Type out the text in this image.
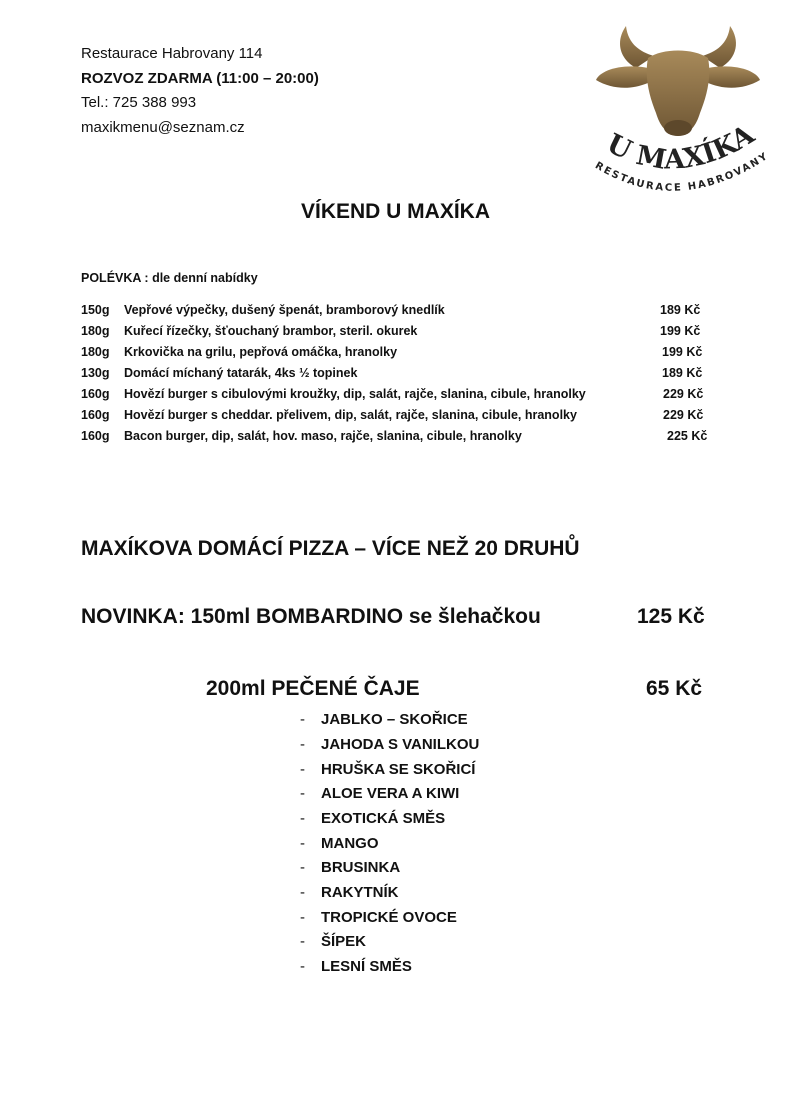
Restaurace Habrovany 114
ROZVOZ ZDARMA (11:00 – 20:00)
Tel.: 725 388 993
maxikmenu@seznam.cz
U MAXÍKA
RESTAURACE HABROVANY
VÍKEND U MAXÍKA
POLÉVKA : dle denní nabídky
150g Vepřové výpečky, dušený špenát, bramborový knedlík	189 Kč
180g Kuřecí řízečky, šťouchaný brambor, steril. okurek	199 Kč
180g Krkovička na grilu, pepřová omáčka, hranolky	199 Kč
130g Domácí míchaný tatarák, 4ks ½ topinek	189 Kč
160g Hovězí burger s cibulovými kroužky, dip, salát, rajče, slanina, cibule, hranolky	229 Kč
160g Hovězí burger s cheddar. přelivem, dip, salát, rajče, slanina, cibule, hranolky	229 Kč
160g Bacon burger, dip, salát, hov. maso, rajče, slanina, cibule, hranolky	225 Kč
MAXÍKOVA DOMÁCÍ PIZZA – VÍCE NEŽ 20 DRUHŮ
NOVINKA: 150ml BOMBARDINO se šlehačkou	125 Kč
200ml PEČENÉ ČAJE	65 Kč
- JABLKO – SKOŘICE
- JAHODA S VANILKOU
- HRUŠKA SE SKOŘICÍ
- ALOE VERA A KIWI
- EXOTICKÁ SMĚS
- MANGO
- BRUSINKA
- RAKYTNÍK
- TROPICKÉ OVOCE
- ŠÍPEK
- LESNÍ SMĚS
